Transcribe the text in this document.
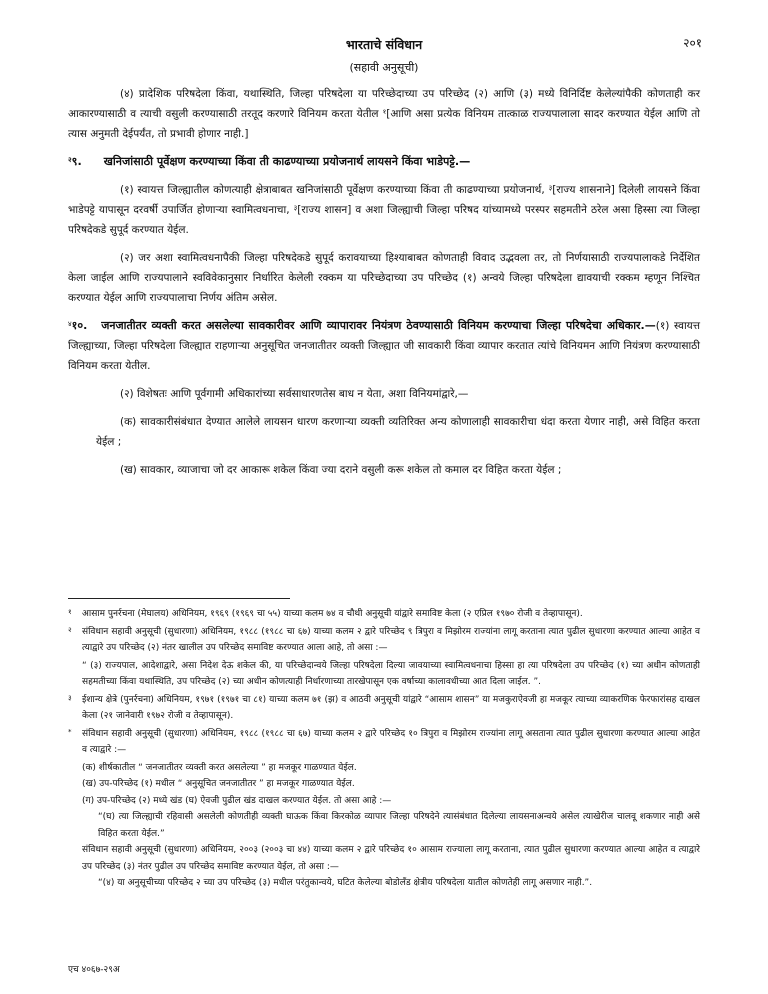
भारताचे संविधान	२०१
(सहावी अनुसूची)

(४) प्रादेशिक परिषदेला किंवा, यथास्थिति, जिल्हा परिषदेला या परिच्छेदाच्या उप परिच्छेद (२) आणि (३) मध्ये विनिर्दिष्ट केलेल्यांपैकी कोणताही कर आकारण्यासाठी व त्याची वसुली करण्यासाठी तरतूद करणारे विनियम करता येतील $^१$[आणि असा प्रत्येक विनियम तात्काळ राज्यपालाला सादर करण्यात येईल आणि तो त्यास अनुमती देईपर्यंत, तो प्रभावी होणार नाही.]

$^२$९. खनिजांसाठी पूर्वेक्षण करण्याच्या किंवा ती काढण्याच्या प्रयोजनार्थ लायसने किंवा भाडेपट्टे.—

(१) स्वायत्त जिल्ह्यातील कोणत्याही क्षेत्राबाबत खनिजांसाठी पूर्वेक्षण करण्याच्या किंवा ती काढण्याच्या प्रयोजनार्थ, $^३$[राज्य शासनाने] दिलेली लायसने किंवा भाडेपट्टे यापासून दरवर्षी उपार्जित होणाऱ्या स्वामित्वधनाचा, $^३$[राज्य शासन] व अशा जिल्ह्याची जिल्हा परिषद यांच्यामध्ये परस्पर सहमतीने ठरेल असा हिस्सा त्या जिल्हा परिषदेकडे सुपूर्द करण्यात येईल.

(२) जर अशा स्वामित्वधनापैकी जिल्हा परिषदेकडे सुपूर्द करावयाच्या हिश्याबाबत कोणताही विवाद उद्भवला तर, तो निर्णयासाठी राज्यपालाकडे निर्देशित केला जाईल आणि राज्यपालाने स्वविवेकानुसार निर्धारित केलेली रक्कम या परिच्छेदाच्या उप परिच्छेद (१) अन्वये जिल्हा परिषदेला द्यावयाची रक्कम म्हणून निश्चित करण्यात येईल आणि राज्यपालाचा निर्णय अंतिम असेल.

$^४$१०. जनजातीतर व्यक्ती करत असलेल्या सावकारीवर आणि व्यापारावर नियंत्रण ठेवण्यासाठी विनियम करण्याचा जिल्हा परिषदेचा अधिकार.—(१) स्वायत्त जिल्ह्याच्या, जिल्हा परिषदेला जिल्ह्यात राहणाऱ्या अनुसूचित जनजातीतर व्यक्ती जिल्ह्यात जी सावकारी किंवा व्यापार करतात त्यांचे विनियमन आणि नियंत्रण करण्यासाठी विनियम करता येतील.

(२) विशेषतः आणि पूर्वगामी अधिकारांच्या सर्वसाधारणतेस बाध न येता, अशा विनियमांद्वारे,—

(क) सावकारीसंबंधात देण्यात आलेले लायसन धारण करणाऱ्या व्यक्ती व्यतिरिक्त अन्य कोणालाही सावकारीचा धंदा करता येणार नाही, असे विहित करता येईल ;

(ख) सावकार, व्याजाचा जो दर आकारू शकेल किंवा ज्या दराने वसुली करू शकेल तो कमाल दर विहित करता येईल ;

१ आसाम पुनर्रचना (मेघालय) अधिनियम, १९६९ (१९६९ चा ५५) याच्या कलम ७४ व चौथी अनुसूची यांद्वारे समाविष्ट केला (२ एप्रिल १९७० रोजी व तेव्हापासून).
२ संविधान सहावी अनुसूची (सुधारणा) अधिनियम, १९८८ (१९८८ चा ६७) याच्या कलम २ द्वारे परिच्छेद ९ त्रिपुरा व मिझोरम राज्यांना लागू करताना त्यात पुढील सुधारणा करण्यात आल्या आहेत व त्याद्वारे उप परिच्छेद (२) नंतर खालील उप परिच्छेद समाविष्ट करण्यात आला आहे, तो असा :—
“ (३) राज्यपाल, आदेशाद्वारे, असा निदेश देऊ शकेल की, या परिच्छेदान्वये जिल्हा परिषदेला दिल्या जावयाच्या स्वामित्वधनाचा हिस्सा हा त्या परिषदेला उप परिच्छेद (१) च्या अधीन कोणताही सहमतीच्या किंवा यथास्थिति, उप परिच्छेद (२) च्या अधीन कोणत्याही निर्धारणाच्या तारखेपासून एक वर्षाच्या कालावधीच्या आत दिला जाईल. ”.
३ ईशान्य क्षेत्रे (पुनर्रचना) अधिनियम, १९७१ (१९७१ चा ८१) याच्या कलम ७१ (झ) व आठवी अनुसूची यांद्वारे “आसाम शासन” या मजकुराऐवजी हा मजकूर त्याच्या व्याकरणिक फेरफारांसह दाखल केला (२१ जानेवारी १९७२ रोजी व तेव्हापासून).
* संविधान सहावी अनुसूची (सुधारणा) अधिनियम, १९८८ (१९८८ चा ६७) याच्या कलम २ द्वारे परिच्छेद १० त्रिपुरा व मिझोरम राज्यांना लागू असताना त्यात पुढील सुधारणा करण्यात आल्या आहेत व त्याद्वारे :—
(क) शीर्षकातील “ जनजातीतर व्यक्ती करत असलेल्या ” हा मजकूर गाळण्यात येईल.
(ख) उप-परिच्छेद (१) मधील “ अनुसूचित जनजातीतर ” हा मजकूर गाळण्यात येईल.
(ग) उप-परिच्छेद (२) मध्ये खंड (घ) ऐवजी पुढील खंड दाखल करण्यात येईल. तो असा आहे :—
“(घ) त्या जिल्ह्याची रहिवासी असलेली कोणतीही व्यक्ती घाऊक किंवा किरकोळ व्यापार जिल्हा परिषदेने त्यासंबंधात दिलेल्या लायसनाअन्वये असेल त्याखेरीज चालवू शकणार नाही असे विहित करता येईल.”
संविधान सहावी अनुसूची (सुधारणा) अधिनियम, २००३ (२००३ चा ४४) याच्या कलम २ द्वारे परिच्छेद १० आसाम राज्याला लागू करताना, त्यात पुढील सुधारणा करण्यात आल्या आहेत व त्याद्वारे उप परिच्छेद (३) नंतर पुढील उप परिच्छेद समाविष्ट करण्यात येईल, तो असा :—
“(४) या अनुसूचीच्या परिच्छेद २ च्या उप परिच्छेद (३) मधील परंतुकान्वये, घटित केलेल्या बोडोलँड क्षेत्रीय परिषदेला यातील कोणतेही लागू असणार नाही.”.
एच ४०६७-२९अ
